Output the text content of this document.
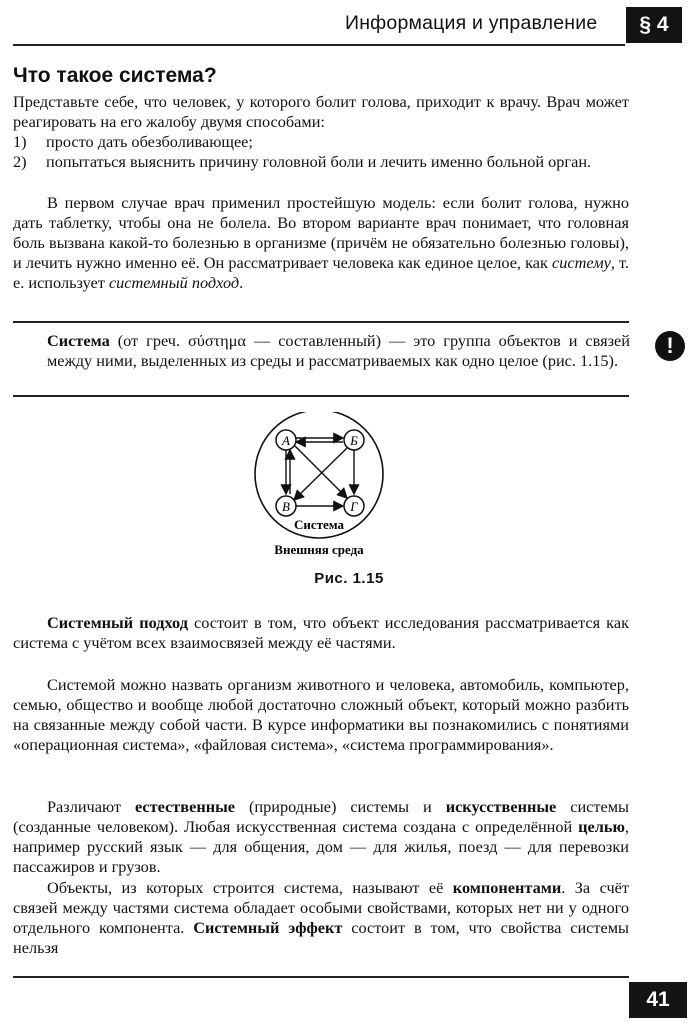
Информация и управление	§ 4
Что такое система?

Представьте себе, что человек, у которого болит голова, приходит к врачу. Врач может реагировать на его жалобу двумя способами:

1) просто дать обезболивающее;

2) попытаться выяснить причину головной боли и лечить именно больной орган.

В первом случае врач применил простейшую модель: если болит голова, нужно дать таблетку, чтобы она не болела. Во втором варианте врач понимает, что головная боль вызвана какой-то болезнью в организме (причём не обязательно болезнью головы), и лечить нужно именно её. Он рассматривает человека как единое целое, как систему, т. е. использует системный подход.

Система (от греч. σύστημα — составленный) — это группа объектов и связей между ними, выделенных из среды и рассматриваемых как одно целое (рис. 1.15).

!
А	Б
В	Г
Система
Внешняя среда
Рис. 1.15

Системный подход состоит в том, что объект исследования рассматривается как система с учётом всех взаимосвязей между её частями.

Системой можно назвать организм животного и человека, автомобиль, компьютер, семью, общество и вообще любой достаточно сложный объект, который можно разбить на связанные между собой части. В курсе информатики вы познакомились с понятиями «операционная система», «файловая система», «система программирования».

Различают естественные (природные) системы и искусственные системы (созданные человеком). Любая искусственная система создана с определённой целью, например русский язык — для общения, дом — для жилья, поезд — для перевозки пассажиров и грузов.

Объекты, из которых строится система, называют её компонентами. За счёт связей между частями система обладает особыми свойствами, которых нет ни у одного отдельного компонента. Системный эффект состоит в том, что свойства системы нельзя

41
